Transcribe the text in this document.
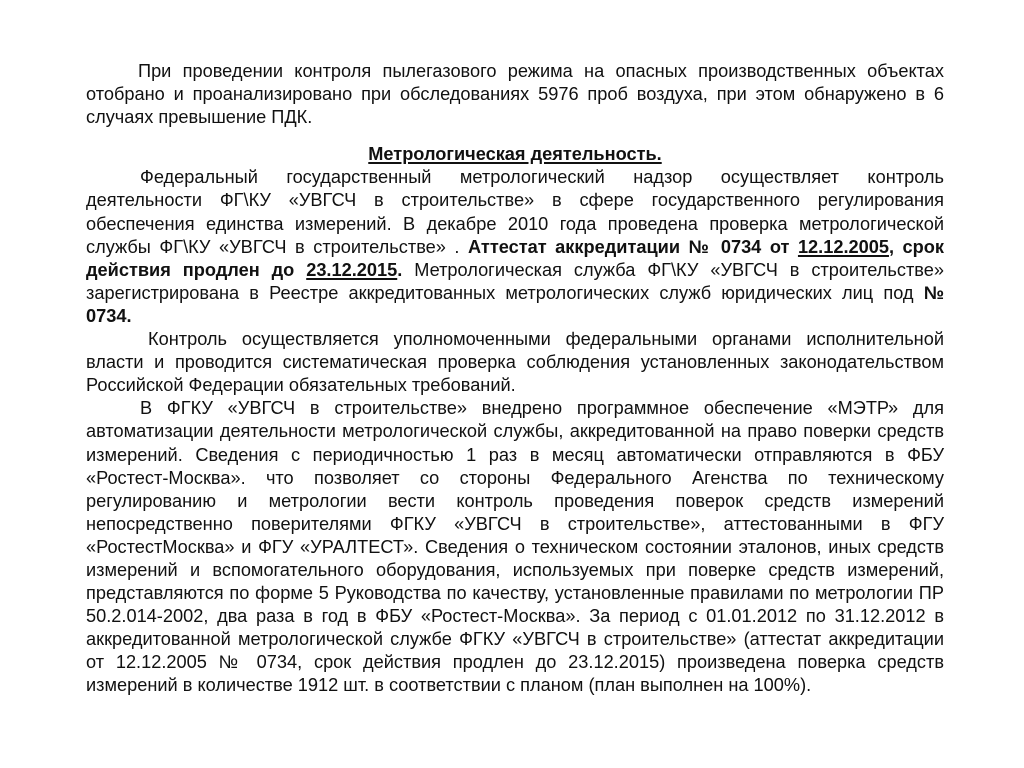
При проведении контроля пылегазового режима на опасных производственных объектах отобрано и проанализировано при обследованиях 5976 проб воздуха, при этом обнаружено в 6 случаях превышение ПДК.

Метрологическая деятельность.

Федеральный государственный метрологический надзор осуществляет контроль деятельности ФГ\КУ «УВГСЧ в строительстве» в сфере государственного регулирования обеспечения единства измерений. В декабре 2010 года проведена проверка метрологической службы ФГ\КУ «УВГСЧ в строительстве» . Аттестат аккредитации № 0734 от 12.12.2005, срок действия продлен до 23.12.2015. Метрологическая служба ФГ\КУ «УВГСЧ в строительстве» зарегистрирована в Реестре аккредитованных метрологических служб юридических лиц под № 0734.

Контроль осуществляется уполномоченными федеральными органами исполнительной власти и проводится систематическая проверка соблюдения установленных законодательством Российской Федерации обязательных требований.

В ФГКУ «УВГСЧ в строительстве» внедрено программное обеспечение «МЭТР» для автоматизации деятельности метрологической службы, аккредитованной на право поверки средств измерений. Сведения с периодичностью 1 раз в месяц автоматически отправляются в ФБУ «Ростест-Москва». что позволяет со стороны Федерального Агенства по техническому регулированию и метрологии вести контроль проведения поверок средств измерений непосредственно поверителями ФГКУ «УВГСЧ в строительстве», аттестованными в ФГУ «РостестМосква» и ФГУ «УРАЛТЕСТ». Сведения о техническом состоянии эталонов, иных средств измерений и вспомогательного оборудования, используемых при поверке средств измерений, представляются по форме 5 Руководства по качеству, установленные правилами по метрологии ПР 50.2.014-2002, два раза в год в ФБУ «Ростест-Москва». За период с 01.01.2012 по 31.12.2012 в аккредитованной метрологической службе ФГКУ «УВГСЧ в строительстве» (аттестат аккредитации от 12.12.2005 № 0734, срок действия продлен до 23.12.2015) произведена поверка средств измерений в количестве 1912 шт. в соответствии с планом (план выполнен на 100%).
